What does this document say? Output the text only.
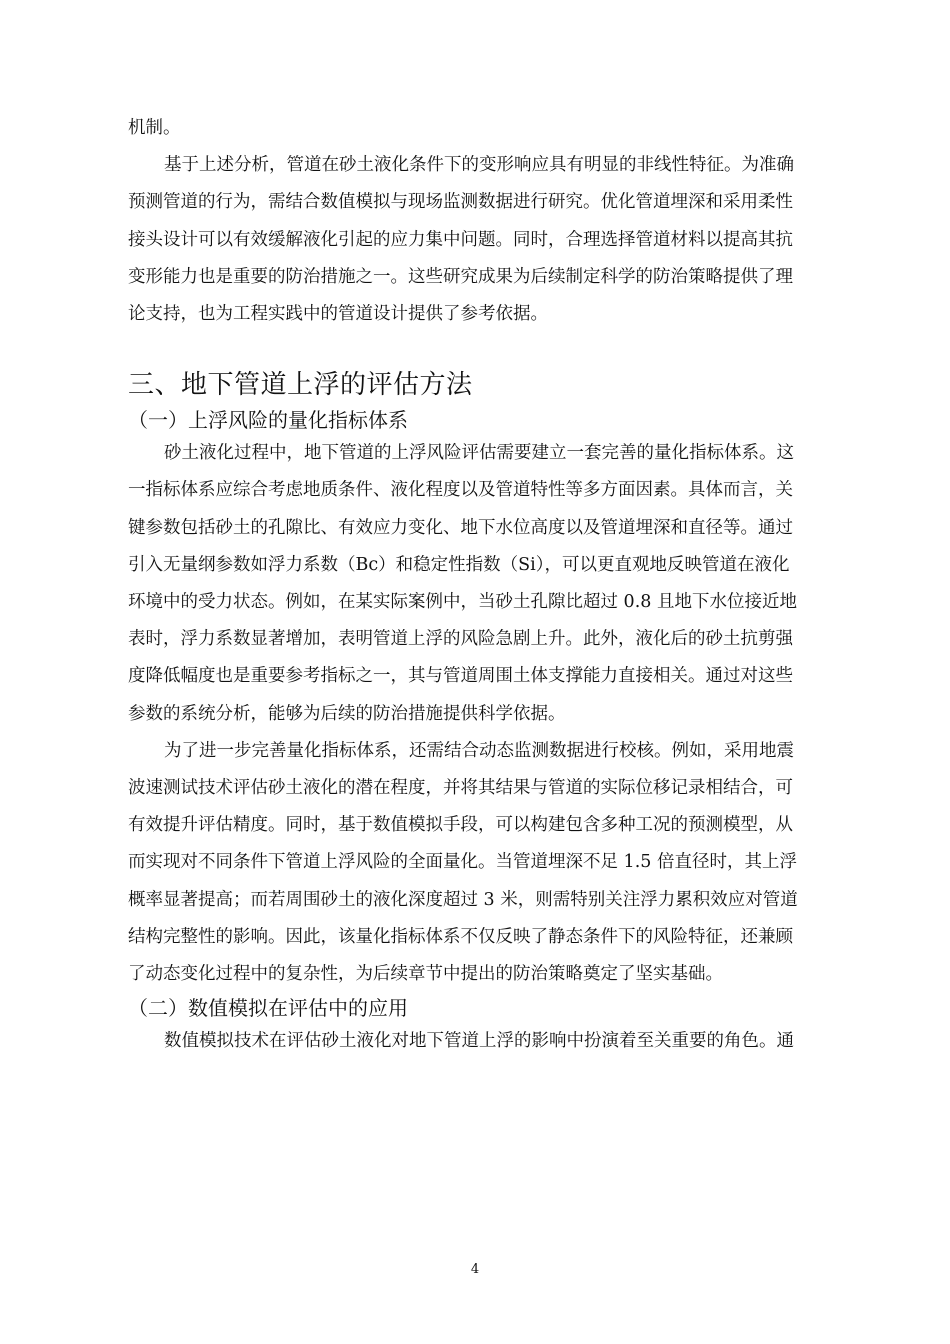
机制。

基于上述分析，管道在砂土液化条件下的变形响应具有明显的非线性特征。为准确

预测管道的行为，需结合数值模拟与现场监测数据进行研究。优化管道埋深和采用柔性

接头设计可以有效缓解液化引起的应力集中问题。同时，合理选择管道材料以提高其抗

变形能力也是重要的防治措施之一。这些研究成果为后续制定科学的防治策略提供了理

论支持，也为工程实践中的管道设计提供了参考依据。

三、地下管道上浮的评估方法
（一）上浮风险的量化指标体系

砂土液化过程中，地下管道的上浮风险评估需要建立一套完善的量化指标体系。这

一指标体系应综合考虑地质条件、液化程度以及管道特性等多方面因素。具体而言，关

键参数包括砂土的孔隙比、有效应力变化、地下水位高度以及管道埋深和直径等。通过

引入无量纲参数如浮力系数（Bc）和稳定性指数（Si），可以更直观地反映管道在液化

环境中的受力状态。例如，在某实际案例中，当砂土孔隙比超过 0.8 且地下水位接近地

表时，浮力系数显著增加，表明管道上浮的风险急剧上升。此外，液化后的砂土抗剪强

度降低幅度也是重要参考指标之一，其与管道周围土体支撑能力直接相关。通过对这些

参数的系统分析，能够为后续的防治措施提供科学依据。

为了进一步完善量化指标体系，还需结合动态监测数据进行校核。例如，采用地震

波速测试技术评估砂土液化的潜在程度，并将其结果与管道的实际位移记录相结合，可

有效提升评估精度。同时，基于数值模拟手段，可以构建包含多种工况的预测模型，从

而实现对不同条件下管道上浮风险的全面量化。当管道埋深不足 1.5 倍直径时，其上浮

概率显著提高；而若周围砂土的液化深度超过 3 米，则需特别关注浮力累积效应对管道

结构完整性的影响。因此，该量化指标体系不仅反映了静态条件下的风险特征，还兼顾

了动态变化过程中的复杂性，为后续章节中提出的防治策略奠定了坚实基础。

（二）数值模拟在评估中的应用

数值模拟技术在评估砂土液化对地下管道上浮的影响中扮演着至关重要的角色。通

4
